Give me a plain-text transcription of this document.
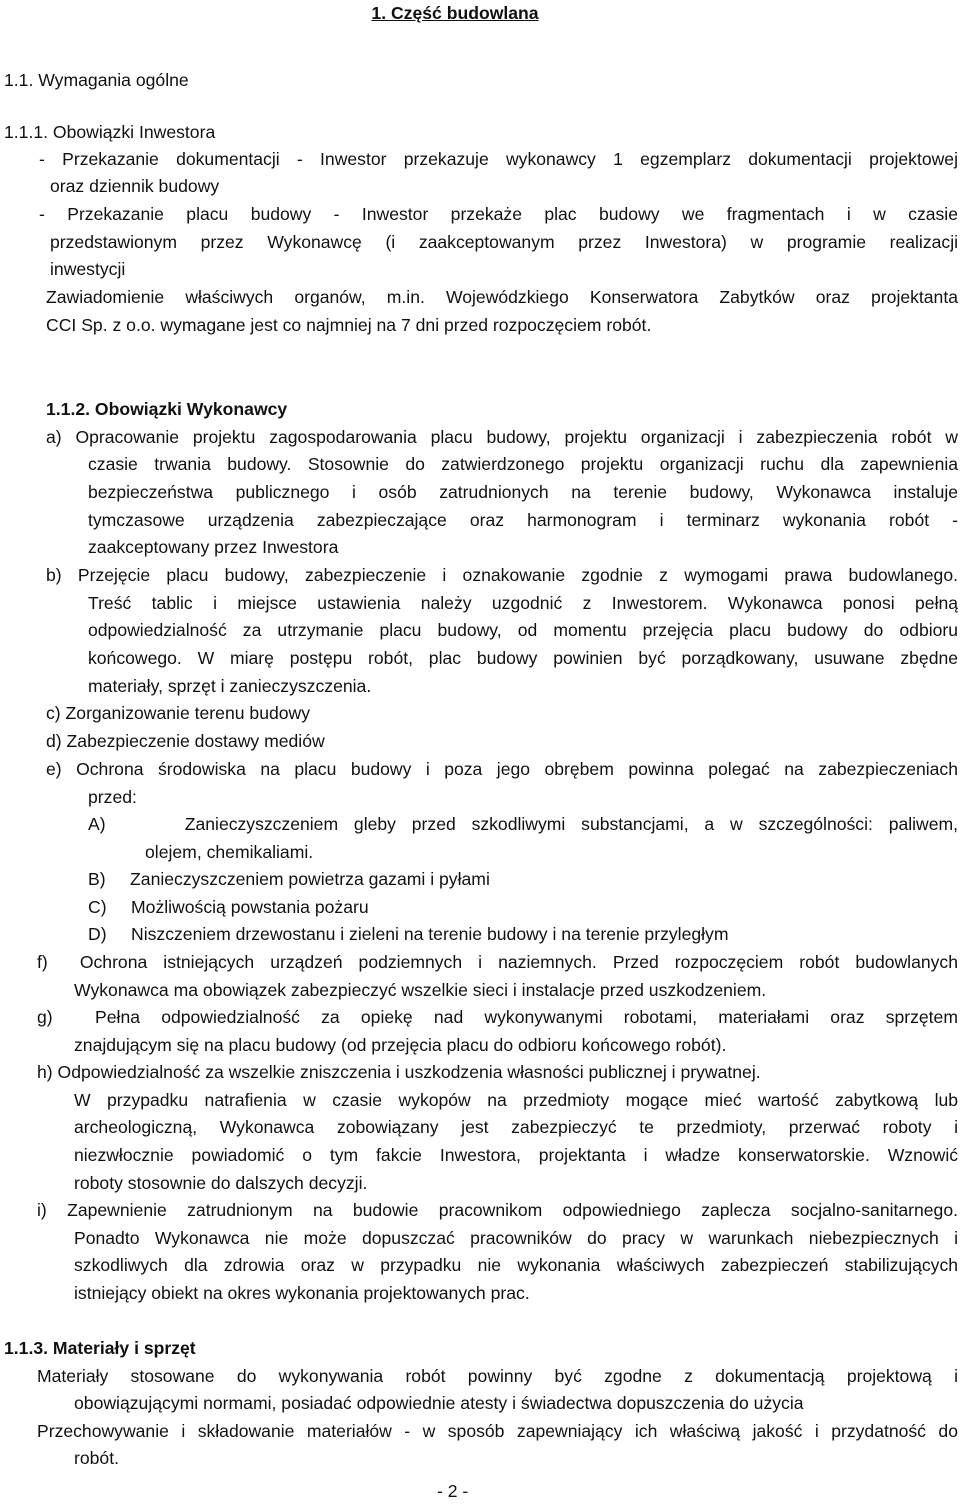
1. Część budowlana
1.1. Wymagania ogólne
1.1.1. Obowiązki Inwestora
- Przekazanie dokumentacji - Inwestor przekazuje wykonawcy 1 egzemplarz dokumentacji projektowej
oraz dziennik budowy
- Przekazanie placu budowy - Inwestor przekaże plac budowy we fragmentach i w czasie
przedstawionym przez Wykonawcę (i zaakceptowanym przez Inwestora) w programie realizacji
inwestycji
Zawiadomienie właściwych organów, m.in. Wojewódzkiego Konserwatora Zabytków oraz projektanta
CCI Sp. z o.o. wymagane jest co najmniej na 7 dni przed rozpoczęciem robót.
1.1.2. Obowiązki Wykonawcy
a) Opracowanie projektu zagospodarowania placu budowy, projektu organizacji i zabezpieczenia robót w
czasie trwania budowy. Stosownie do zatwierdzonego projektu organizacji ruchu dla zapewnienia
bezpieczeństwa publicznego i osób zatrudnionych na terenie budowy, Wykonawca instaluje
tymczasowe urządzenia zabezpieczające oraz harmonogram i terminarz wykonania robót -
zaakceptowany przez Inwestora
b) Przejęcie placu budowy, zabezpieczenie i oznakowanie zgodnie z wymogami prawa budowlanego.
Treść tablic i miejsce ustawienia należy uzgodnić z Inwestorem. Wykonawca ponosi pełną
odpowiedzialność za utrzymanie placu budowy, od momentu przejęcia placu budowy do odbioru
końcowego. W miarę postępu robót, plac budowy powinien być porządkowany, usuwane zbędne
materiały, sprzęt i zanieczyszczenia.
c) Zorganizowanie terenu budowy
d) Zabezpieczenie dostawy mediów
e) Ochrona środowiska na placu budowy i poza jego obrębem powinna polegać na zabezpieczeniach
przed:
A)     Zanieczyszczeniem gleby przed szkodliwymi substancjami, a w szczególności: paliwem,
olejem, chemikaliami.
B)     Zanieczyszczeniem powietrza gazami i pyłami
C)     Możliwością powstania pożaru
D)     Niszczeniem drzewostanu i zieleni na terenie budowy i na terenie przyległym
f)  Ochrona istniejących urządzeń podziemnych i naziemnych. Przed rozpoczęciem robót budowlanych
Wykonawca ma obowiązek zabezpieczyć wszelkie sieci i instalacje przed uszkodzeniem.
g)  Pełna odpowiedzialność za opiekę nad wykonywanymi robotami, materiałami oraz sprzętem
znajdującym się na placu budowy (od przejęcia placu do odbioru końcowego robót).
h) Odpowiedzialność za wszelkie zniszczenia i uszkodzenia własności publicznej i prywatnej.
W przypadku natrafienia w czasie wykopów na przedmioty mogące mieć wartość zabytkową lub
archeologiczną, Wykonawca zobowiązany jest zabezpieczyć te przedmioty, przerwać roboty i
niezwłocznie powiadomić o tym fakcie Inwestora, projektanta i władze konserwatorskie. Wznowić
roboty stosownie do dalszych decyzji.
i) Zapewnienie zatrudnionym na budowie pracownikom odpowiedniego zaplecza socjalno-sanitarnego.
Ponadto Wykonawca nie może dopuszczać pracowników do pracy w warunkach niebezpiecznych i
szkodliwych dla zdrowia oraz w przypadku nie wykonania właściwych zabezpieczeń stabilizujących
istniejący obiekt na okres wykonania projektowanych prac.
1.1.3. Materiały i sprzęt
Materiały stosowane do wykonywania robót powinny być zgodne z dokumentacją projektową i
obowiązującymi normami, posiadać odpowiednie atesty i świadectwa dopuszczenia do użycia
Przechowywanie i składowanie materiałów - w sposób zapewniający ich właściwą jakość i przydatność do
robót.
- 2 -
